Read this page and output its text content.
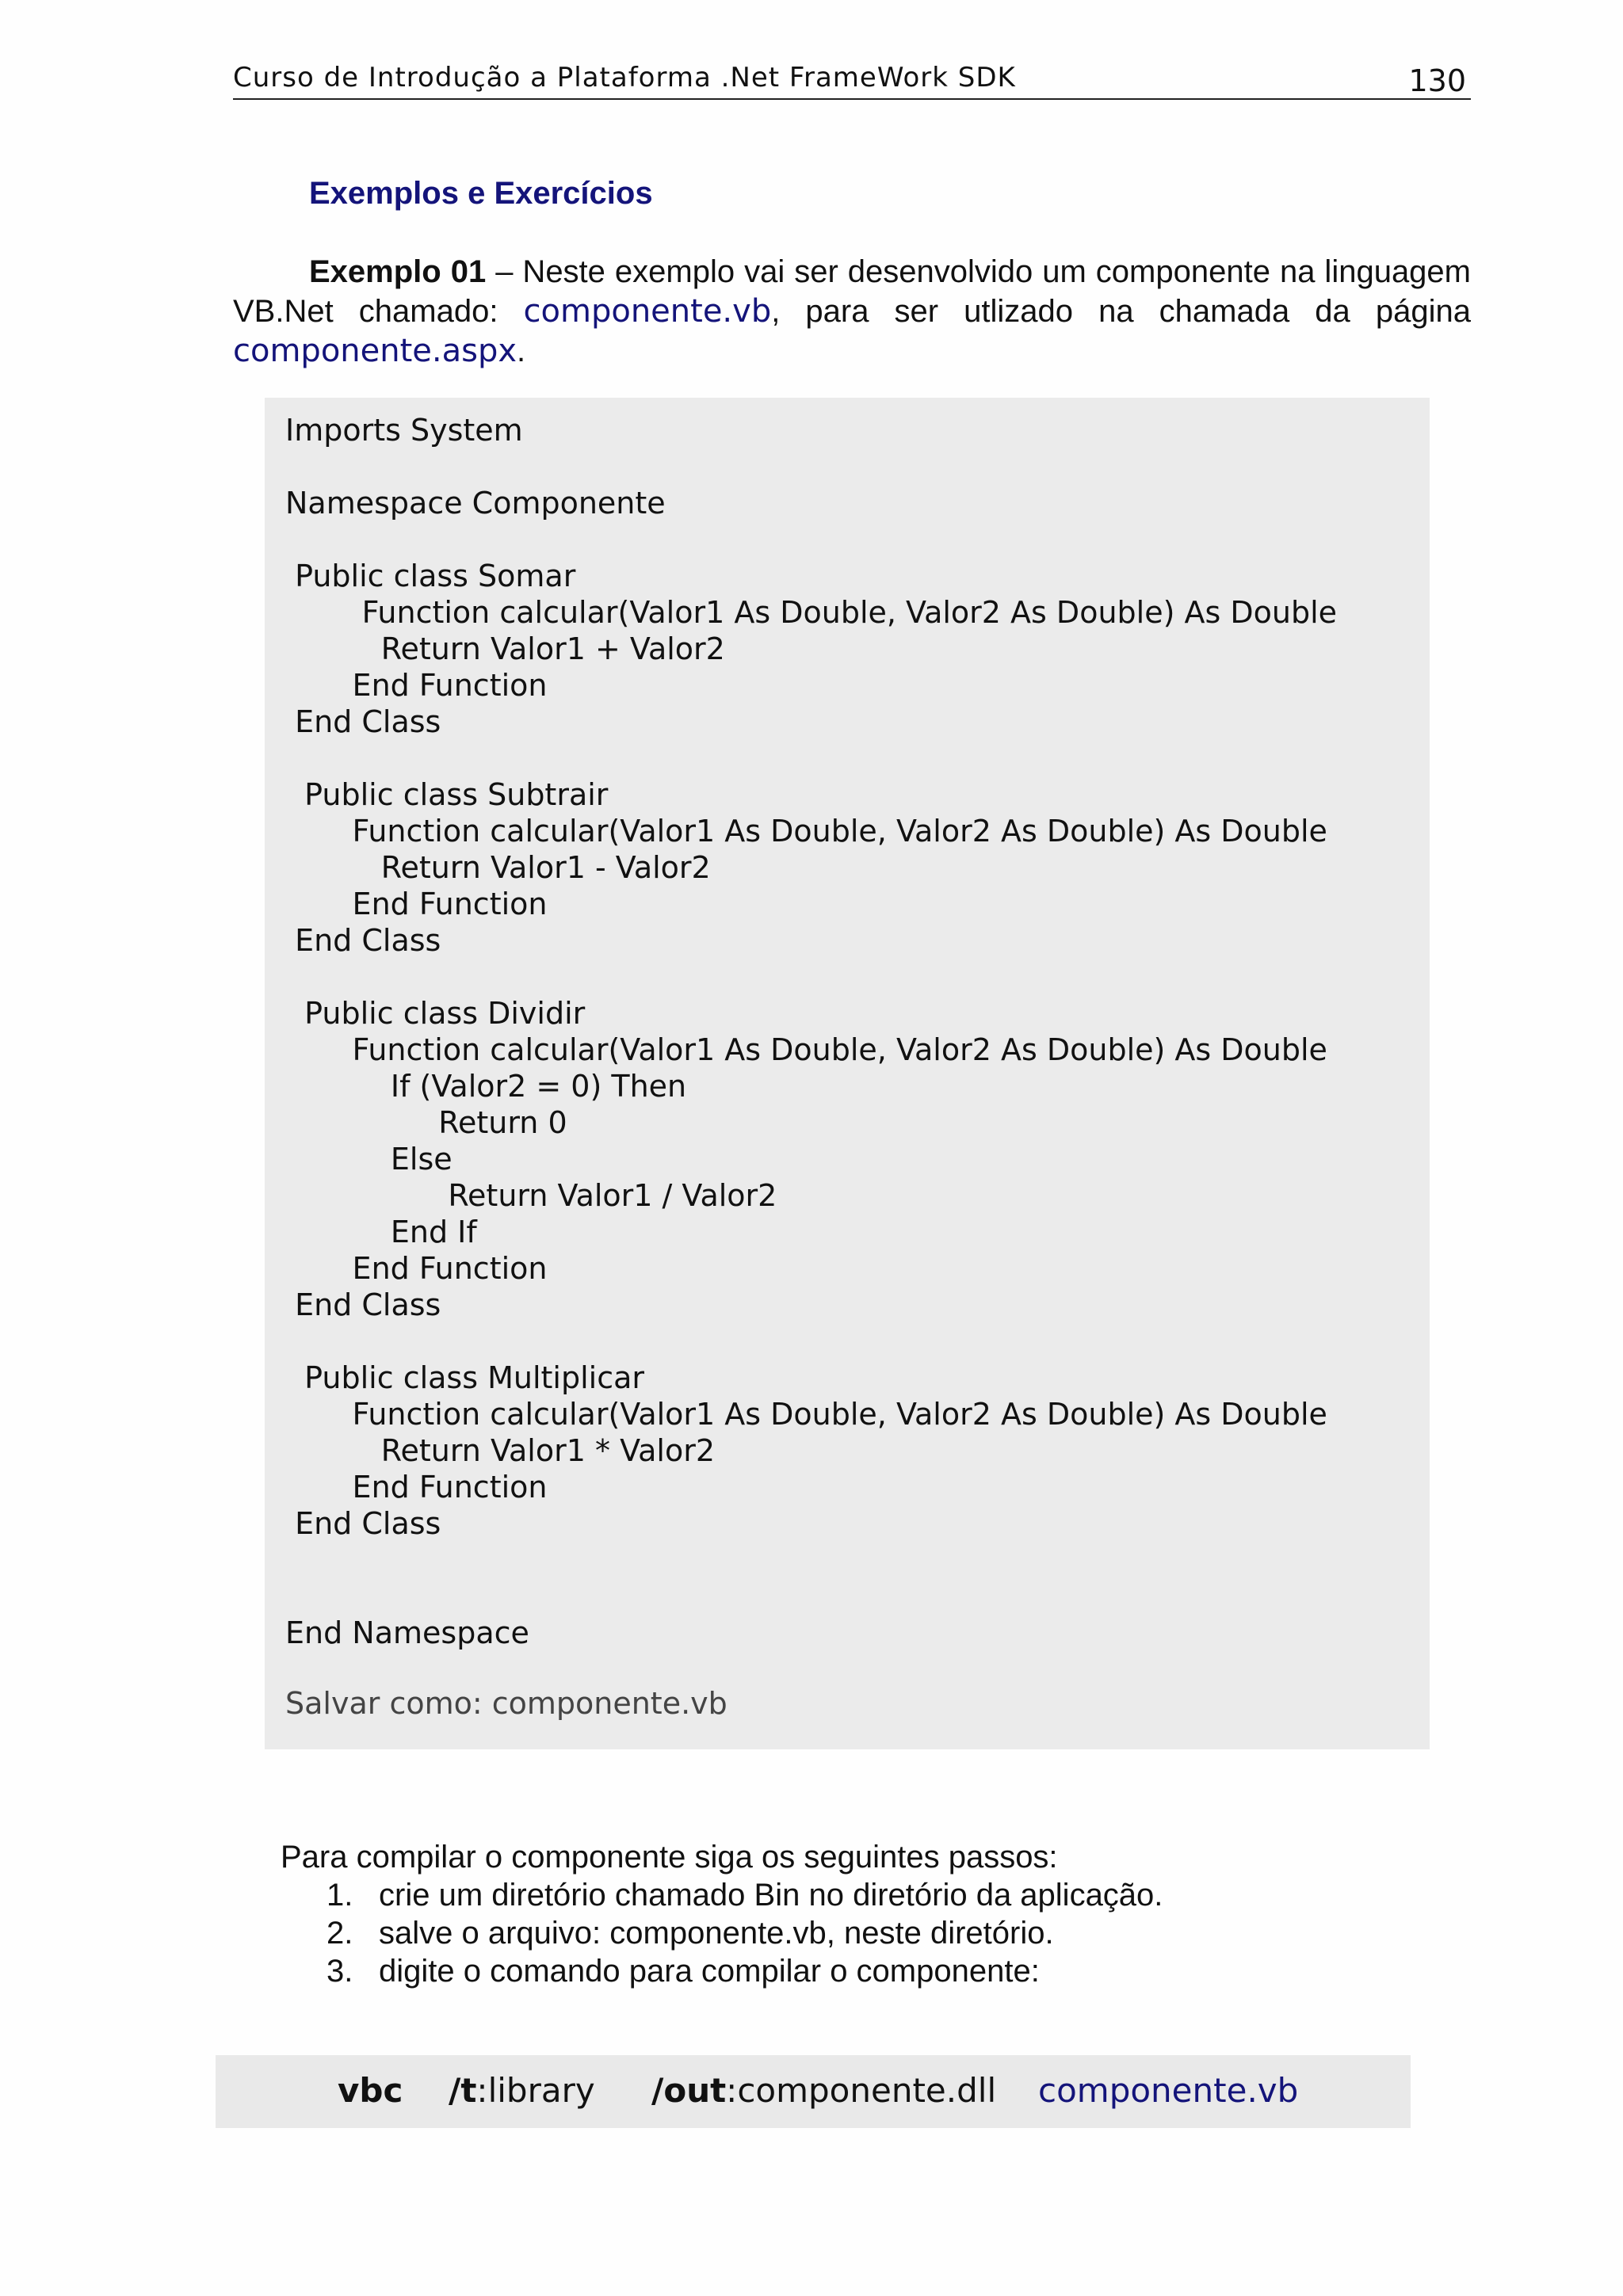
Curso de Introdução a Plataforma .Net FrameWork SDK	130
Exemplos e Exercícios
Exemplo 01 – Neste exemplo vai ser desenvolvido um componente na linguagem VB.Net chamado: componente.vb, para ser utlizado na chamada da página componente.aspx.
Imports System

Namespace Componente

Public class Somar
Function calcular(Valor1 As Double, Valor2 As Double) As Double
Return Valor1 + Valor2
End Function
End Class

Public class Subtrair
Function calcular(Valor1 As Double, Valor2 As Double) As Double
Return Valor1 - Valor2
End Function
End Class

Public class Dividir
Function calcular(Valor1 As Double, Valor2 As Double) As Double
If (Valor2 = 0) Then
Return 0
Else
Return Valor1 / Valor2
End If
End Function
End Class

Public class Multiplicar
Function calcular(Valor1 As Double, Valor2 As Double) As Double
Return Valor1 * Valor2
End Function
End Class

End Namespace
Salvar como: componente.vb
Para compilar o componente siga os seguintes passos:
1. crie um diretório chamado Bin no diretório da aplicação.
2. salve o arquivo: componente.vb, neste diretório.
3. digite o comando para compilar o componente:
vbc /t:library /out:componente.dll componente.vb
